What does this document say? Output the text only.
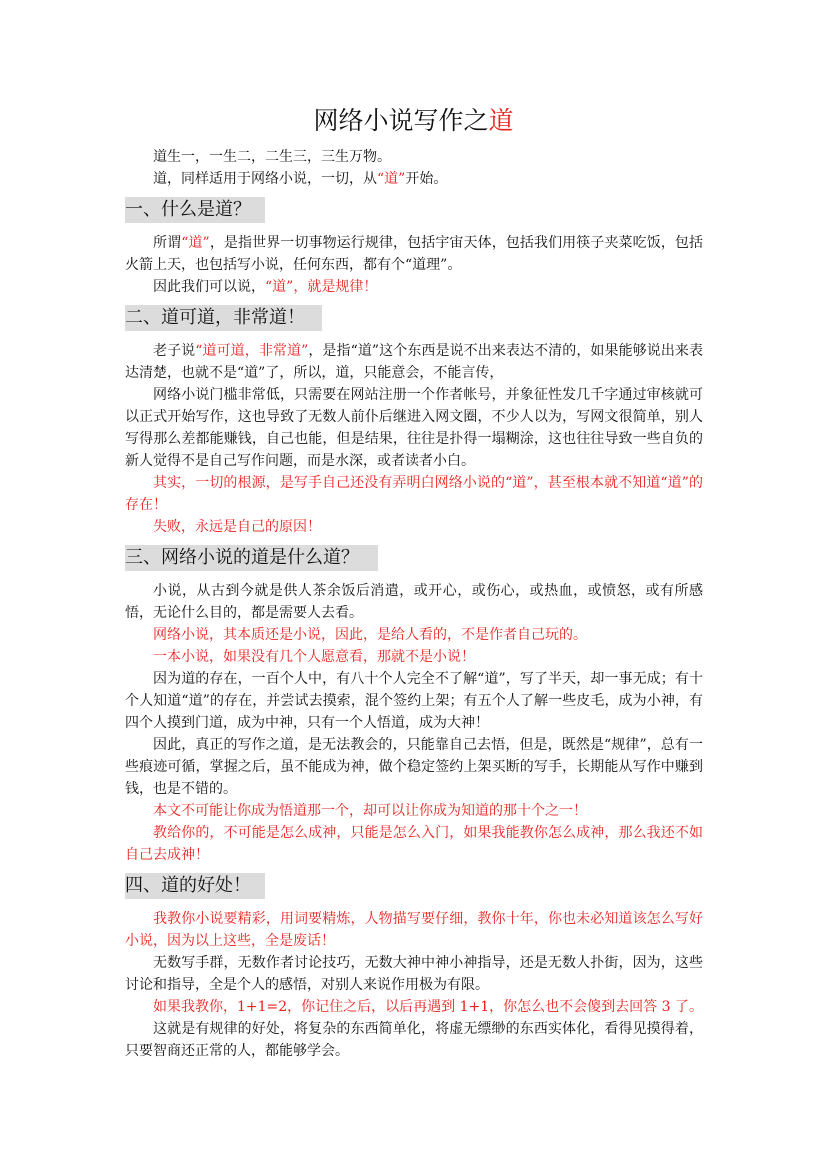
网络小说写作之道

道生一，一生二，二生三，三生万物。

道，同样适用于网络小说，一切，从“道”开始。

一、什么是道？

所谓“道”，是指世界一切事物运行规律，包括宇宙天体，包括我们用筷子夹菜吃饭，包括火箭上天，也包括写小说，任何东西，都有个“道理”。

因此我们可以说，“道”，就是规律！

二、道可道，非常道！

老子说“道可道，非常道”，是指“道”这个东西是说不出来表达不清的，如果能够说出来表达清楚，也就不是“道”了，所以，道，只能意会，不能言传，

网络小说门槛非常低，只需要在网站注册一个作者帐号，并象征性发几千字通过审核就可以正式开始写作，这也导致了无数人前仆后继进入网文圈，不少人以为，写网文很简单，别人写得那么差都能赚钱，自己也能，但是结果，往往是扑得一塌糊涂，这也往往导致一些自负的新人觉得不是自己写作问题，而是水深，或者读者小白。

其实，一切的根源，是写手自己还没有弄明白网络小说的“道”，甚至根本就不知道“道”的存在！

失败，永远是自己的原因！

三、网络小说的道是什么道？

小说，从古到今就是供人茶余饭后消遣，或开心，或伤心，或热血，或愤怒，或有所感悟，无论什么目的，都是需要人去看。

网络小说，其本质还是小说，因此，是给人看的，不是作者自己玩的。

一本小说，如果没有几个人愿意看，那就不是小说！

因为道的存在，一百个人中，有八十个人完全不了解“道”，写了半天，却一事无成；有十个人知道“道”的存在，并尝试去摸索，混个签约上架；有五个人了解一些皮毛，成为小神，有四个人摸到门道，成为中神，只有一个人悟道，成为大神！

因此，真正的写作之道，是无法教会的，只能靠自己去悟，但是，既然是“规律”，总有一些痕迹可循，掌握之后，虽不能成为神，做个稳定签约上架买断的写手，长期能从写作中赚到钱，也是不错的。

本文不可能让你成为悟道那一个，却可以让你成为知道的那十个之一！

教给你的，不可能是怎么成神，只能是怎么入门，如果我能教你怎么成神，那么我还不如自己去成神！

四、道的好处！

我教你小说要精彩，用词要精炼，人物描写要仔细，教你十年，你也未必知道该怎么写好小说，因为以上这些，全是废话！

无数写手群，无数作者讨论技巧，无数大神中神小神指导，还是无数人扑街，因为，这些讨论和指导，全是个人的感悟，对别人来说作用极为有限。

如果我教你，1+1=2，你记住之后，以后再遇到 1+1，你怎么也不会傻到去回答 3 了。

这就是有规律的好处，将复杂的东西简单化，将虚无缥缈的东西实体化，看得见摸得着，只要智商还正常的人，都能够学会。
